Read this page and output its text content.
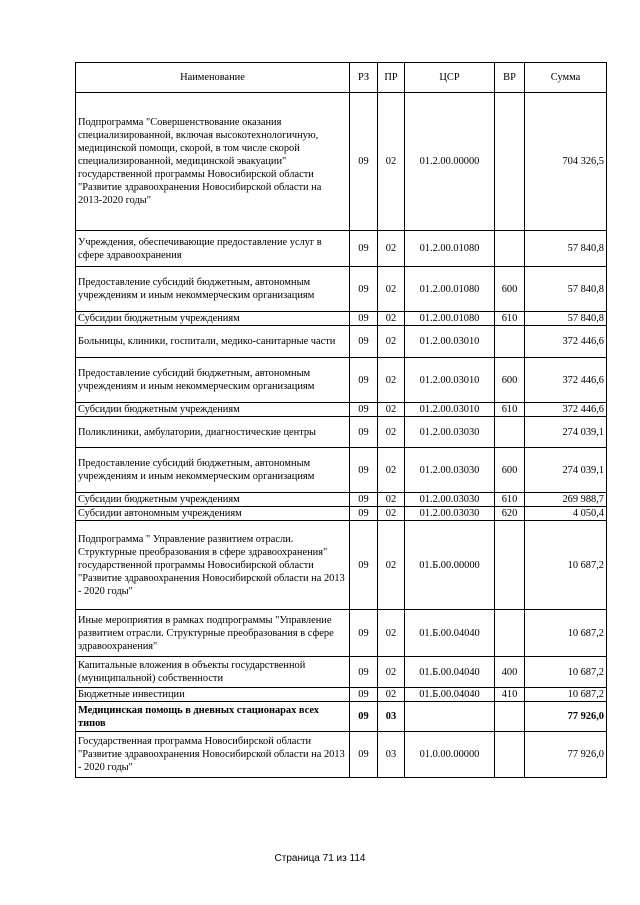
Наименование	РЗ	ПР	ЦСР	ВР	Сумма
Подпрограмма "Совершенствование оказания специализированной, включая высокотехнологичную, медицинской помощи, скорой, в том числе скорой специализированной, медицинской эвакуации" государственной программы Новосибирской области "Развитие здравоохранения Новосибирской области на 2013-2020 годы"	09	02	01.2.00.00000		704 326,5
Учреждения, обеспечивающие предоставление услуг в сфере здравоохранения	09	02	01.2.00.01080		57 840,8
Предоставление субсидий бюджетным, автономным учреждениям и иным некоммерческим организациям	09	02	01.2.00.01080	600	57 840,8
Субсидии бюджетным учреждениям	09	02	01.2.00.01080	610	57 840,8
Больницы, клиники, госпитали, медико-санитарные части	09	02	01.2.00.03010		372 446,6
Предоставление субсидий бюджетным, автономным учреждениям и иным некоммерческим организациям	09	02	01.2.00.03010	600	372 446,6
Субсидии бюджетным учреждениям	09	02	01.2.00.03010	610	372 446,6
Поликлиники, амбулатории, диагностические центры	09	02	01.2.00.03030		274 039,1
Предоставление субсидий бюджетным, автономным учреждениям и иным некоммерческим организациям	09	02	01.2.00.03030	600	274 039,1
Субсидии бюджетным учреждениям	09	02	01.2.00.03030	610	269 988,7
Субсидии автономным учреждениям	09	02	01.2.00.03030	620	4 050,4
Подпрограмма " Управление развитием отрасли. Структурные преобразования в сфере здравоохранения" государственной программы Новосибирской области "Развитие здравоохранения Новосибирской области на 2013 - 2020 годы"	09	02	01.Б.00.00000		10 687,2
Иные мероприятия в рамках подпрограммы "Управление развитием отрасли. Структурные преобразования в сфере здравоохранения"	09	02	01.Б.00.04040		10 687,2
Капитальные вложения в объекты государственной (муниципальной) собственности	09	02	01.Б.00.04040	400	10 687,2
Бюджетные инвестиции	09	02	01.Б.00.04040	410	10 687,2
Медицинская помощь в дневных стационарах всех типов	09	03			77 926,0
Государственная программа Новосибирской области "Развитие здравоохранения Новосибирской области на 2013 - 2020 годы"	09	03	01.0.00.00000		77 926,0
Страница 71 из 114
